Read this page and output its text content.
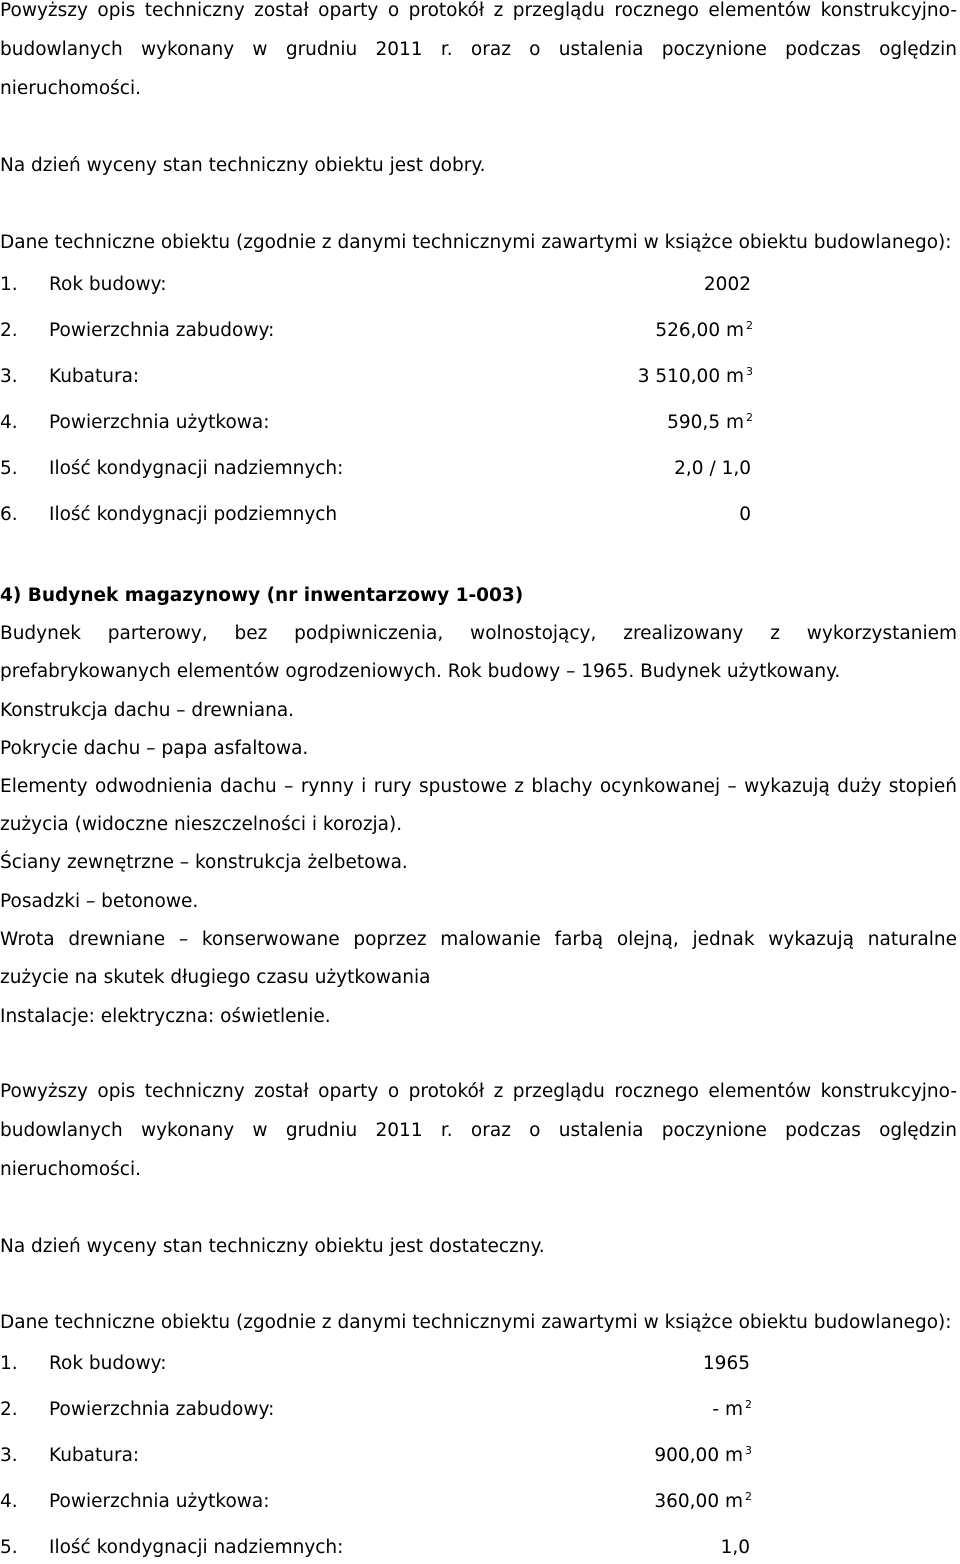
Powyższy opis techniczny został oparty o protokół z przeglądu rocznego elementów konstrukcyjno-
budowlanych wykonany w grudniu 2011 r. oraz o ustalenia poczynione podczas oględzin
nieruchomości.
Na dzień wyceny stan techniczny obiektu jest dobry.
Dane techniczne obiektu (zgodnie z danymi technicznymi zawartymi w książce obiektu budowlanego):
1. Rok budowy:	2002
2. Powierzchnia zabudowy:	526,00 m $^2$
3. Kubatura:	3 510,00 m $^3$
4. Powierzchnia użytkowa:	590,5 m $^2$
5. Ilość kondygnacji nadziemnych:	2,0 / 1,0
6. Ilość kondygnacji podziemnych	0
4) Budynek magazynowy (nr inwentarzowy 1-003)
Budynek parterowy, bez podpiwniczenia, wolnostojący, zrealizowany z wykorzystaniem
prefabrykowanych elementów ogrodzeniowych. Rok budowy – 1965. Budynek użytkowany.
Konstrukcja dachu – drewniana.
Pokrycie dachu – papa asfaltowa.
Elementy odwodnienia dachu – rynny i rury spustowe z blachy ocynkowanej – wykazują duży stopień
zużycia (widoczne nieszczelności i korozja).
Ściany zewnętrzne – konstrukcja żelbetowa.
Posadzki – betonowe.
Wrota drewniane – konserwowane poprzez malowanie farbą olejną, jednak wykazują naturalne
zużycie na skutek długiego czasu użytkowania
Instalacje: elektryczna: oświetlenie.
Powyższy opis techniczny został oparty o protokół z przeglądu rocznego elementów konstrukcyjno-
budowlanych wykonany w grudniu 2011 r. oraz o ustalenia poczynione podczas oględzin
nieruchomości.
Na dzień wyceny stan techniczny obiektu jest dostateczny.
Dane techniczne obiektu (zgodnie z danymi technicznymi zawartymi w książce obiektu budowlanego):
1. Rok budowy:	1965
2. Powierzchnia zabudowy:	- m $^2$
3. Kubatura:	900,00 m $^3$
4. Powierzchnia użytkowa:	360,00 m $^2$
5. Ilość kondygnacji nadziemnych:	1,0
